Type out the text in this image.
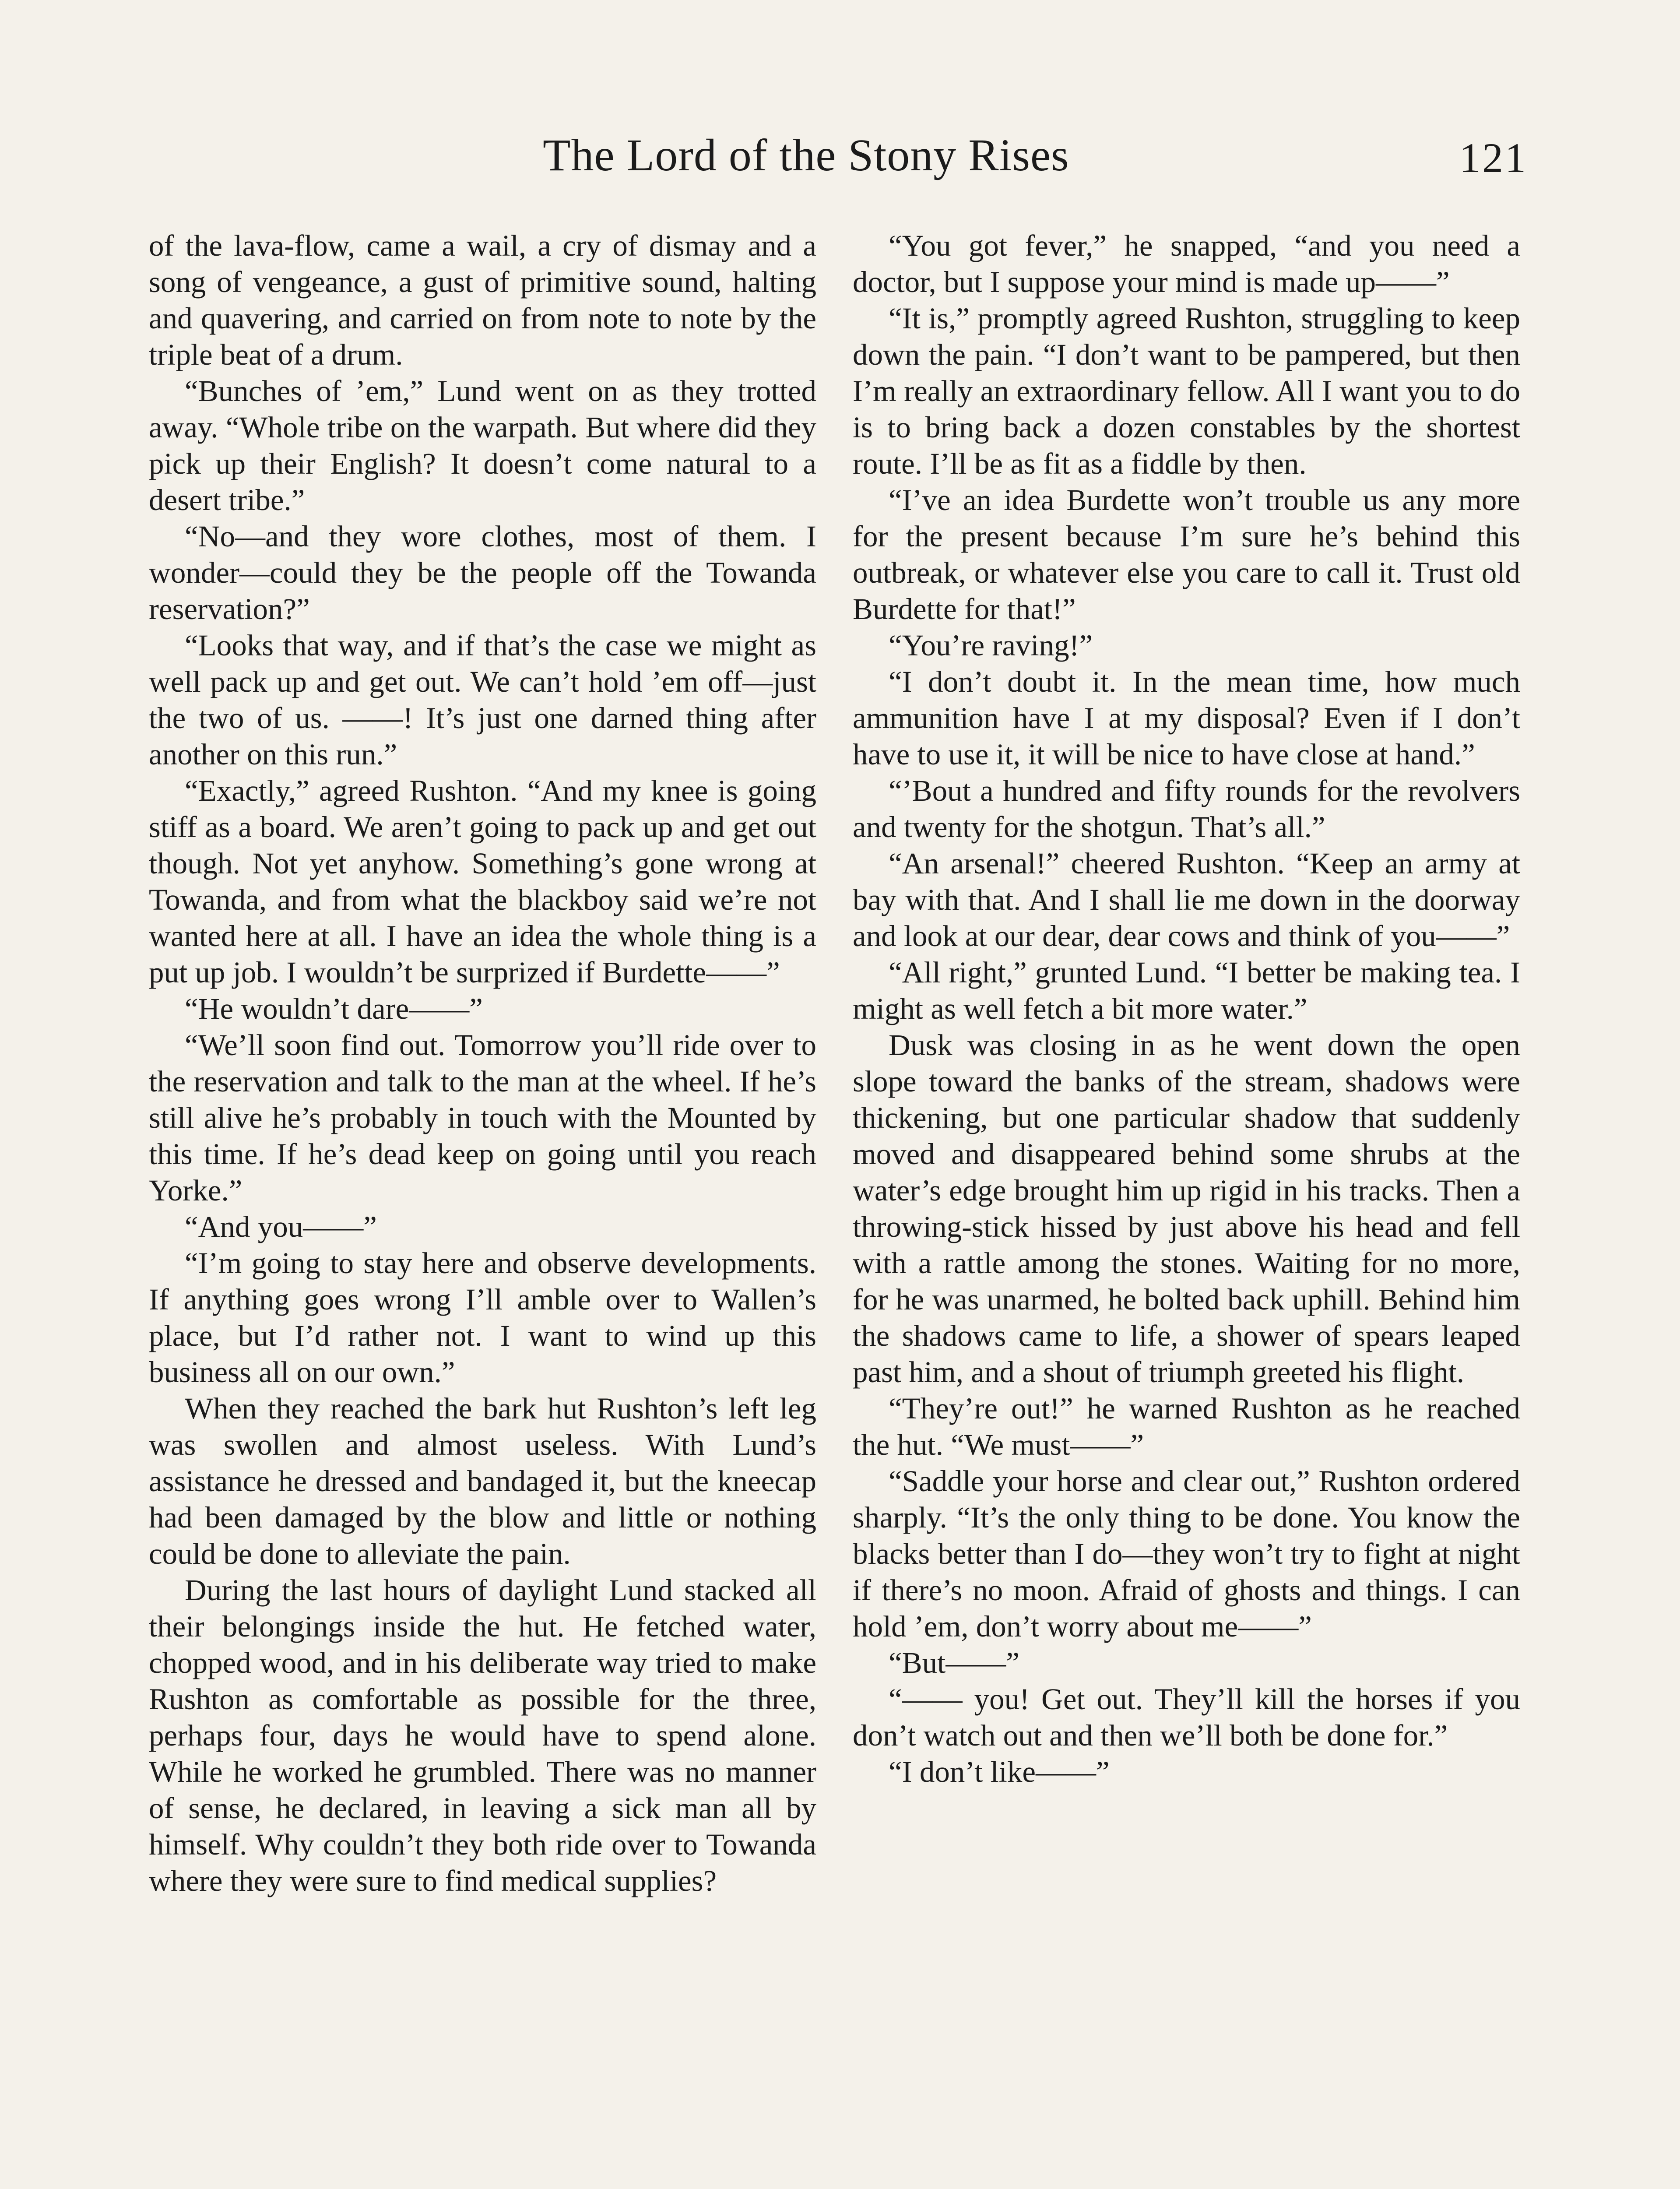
The Lord of the Stony Rises	121

of the lava-flow, came a wail, a cry of dismay and a song of vengeance, a gust of primitive sound, halting and quavering, and carried on from note to note by the triple beat of a drum.

“Bunches of ’em,” Lund went on as they trotted away. “Whole tribe on the warpath. But where did they pick up their English? It doesn’t come natural to a desert tribe.”

“No—and they wore clothes, most of them. I wonder—could they be the people off the Towanda reservation?”

“Looks that way, and if that’s the case we might as well pack up and get out. We can’t hold ’em off—just the two of us. ——! It’s just one darned thing after another on this run.”

“Exactly,” agreed Rushton. “And my knee is going stiff as a board. We aren’t going to pack up and get out though. Not yet anyhow. Something’s gone wrong at Towanda, and from what the blackboy said we’re not wanted here at all. I have an idea the whole thing is a put up job. I wouldn’t be surprized if Burdette——”

“He wouldn’t dare——”

“We’ll soon find out. Tomorrow you’ll ride over to the reservation and talk to the man at the wheel. If he’s still alive he’s probably in touch with the Mounted by this time. If he’s dead keep on going until you reach Yorke.”

“And you——”

“I’m going to stay here and observe developments. If anything goes wrong I’ll amble over to Wallen’s place, but I’d rather not. I want to wind up this business all on our own.”

When they reached the bark hut Rushton’s left leg was swollen and almost useless. With Lund’s assistance he dressed and bandaged it, but the kneecap had been damaged by the blow and little or nothing could be done to alleviate the pain.

During the last hours of daylight Lund stacked all their belongings inside the hut. He fetched water, chopped wood, and in his deliberate way tried to make Rushton as comfortable as possible for the three, perhaps four, days he would have to spend alone. While he worked he grumbled. There was no manner of sense, he declared, in leaving a sick man all by himself. Why couldn’t they both ride over to Towanda where they were sure to find medical supplies?

“You got fever,” he snapped, “and you need a doctor, but I suppose your mind is made up——”

“It is,” promptly agreed Rushton, struggling to keep down the pain. “I don’t want to be pampered, but then I’m really an extraordinary fellow. All I want you to do is to bring back a dozen constables by the shortest route. I’ll be as fit as a fiddle by then.

“I’ve an idea Burdette won’t trouble us any more for the present because I’m sure he’s behind this outbreak, or whatever else you care to call it. Trust old Burdette for that!”

“You’re raving!”

“I don’t doubt it. In the mean time, how much ammunition have I at my disposal? Even if I don’t have to use it, it will be nice to have close at hand.”

“’Bout a hundred and fifty rounds for the revolvers and twenty for the shotgun. That’s all.”

“An arsenal!” cheered Rushton. “Keep an army at bay with that. And I shall lie me down in the doorway and look at our dear, dear cows and think of you——”

“All right,” grunted Lund. “I better be making tea. I might as well fetch a bit more water.”

Dusk was closing in as he went down the open slope toward the banks of the stream, shadows were thickening, but one particular shadow that suddenly moved and disappeared behind some shrubs at the water’s edge brought him up rigid in his tracks. Then a throwing-stick hissed by just above his head and fell with a rattle among the stones. Waiting for no more, for he was unarmed, he bolted back uphill. Behind him the shadows came to life, a shower of spears leaped past him, and a shout of triumph greeted his flight.

“They’re out!” he warned Rushton as he reached the hut. “We must——”

“Saddle your horse and clear out,” Rushton ordered sharply. “It’s the only thing to be done. You know the blacks better than I do—they won’t try to fight at night if there’s no moon. Afraid of ghosts and things. I can hold ’em, don’t worry about me——”

“But——”

“—— you! Get out. They’ll kill the horses if you don’t watch out and then we’ll both be done for.”

“I don’t like——”
